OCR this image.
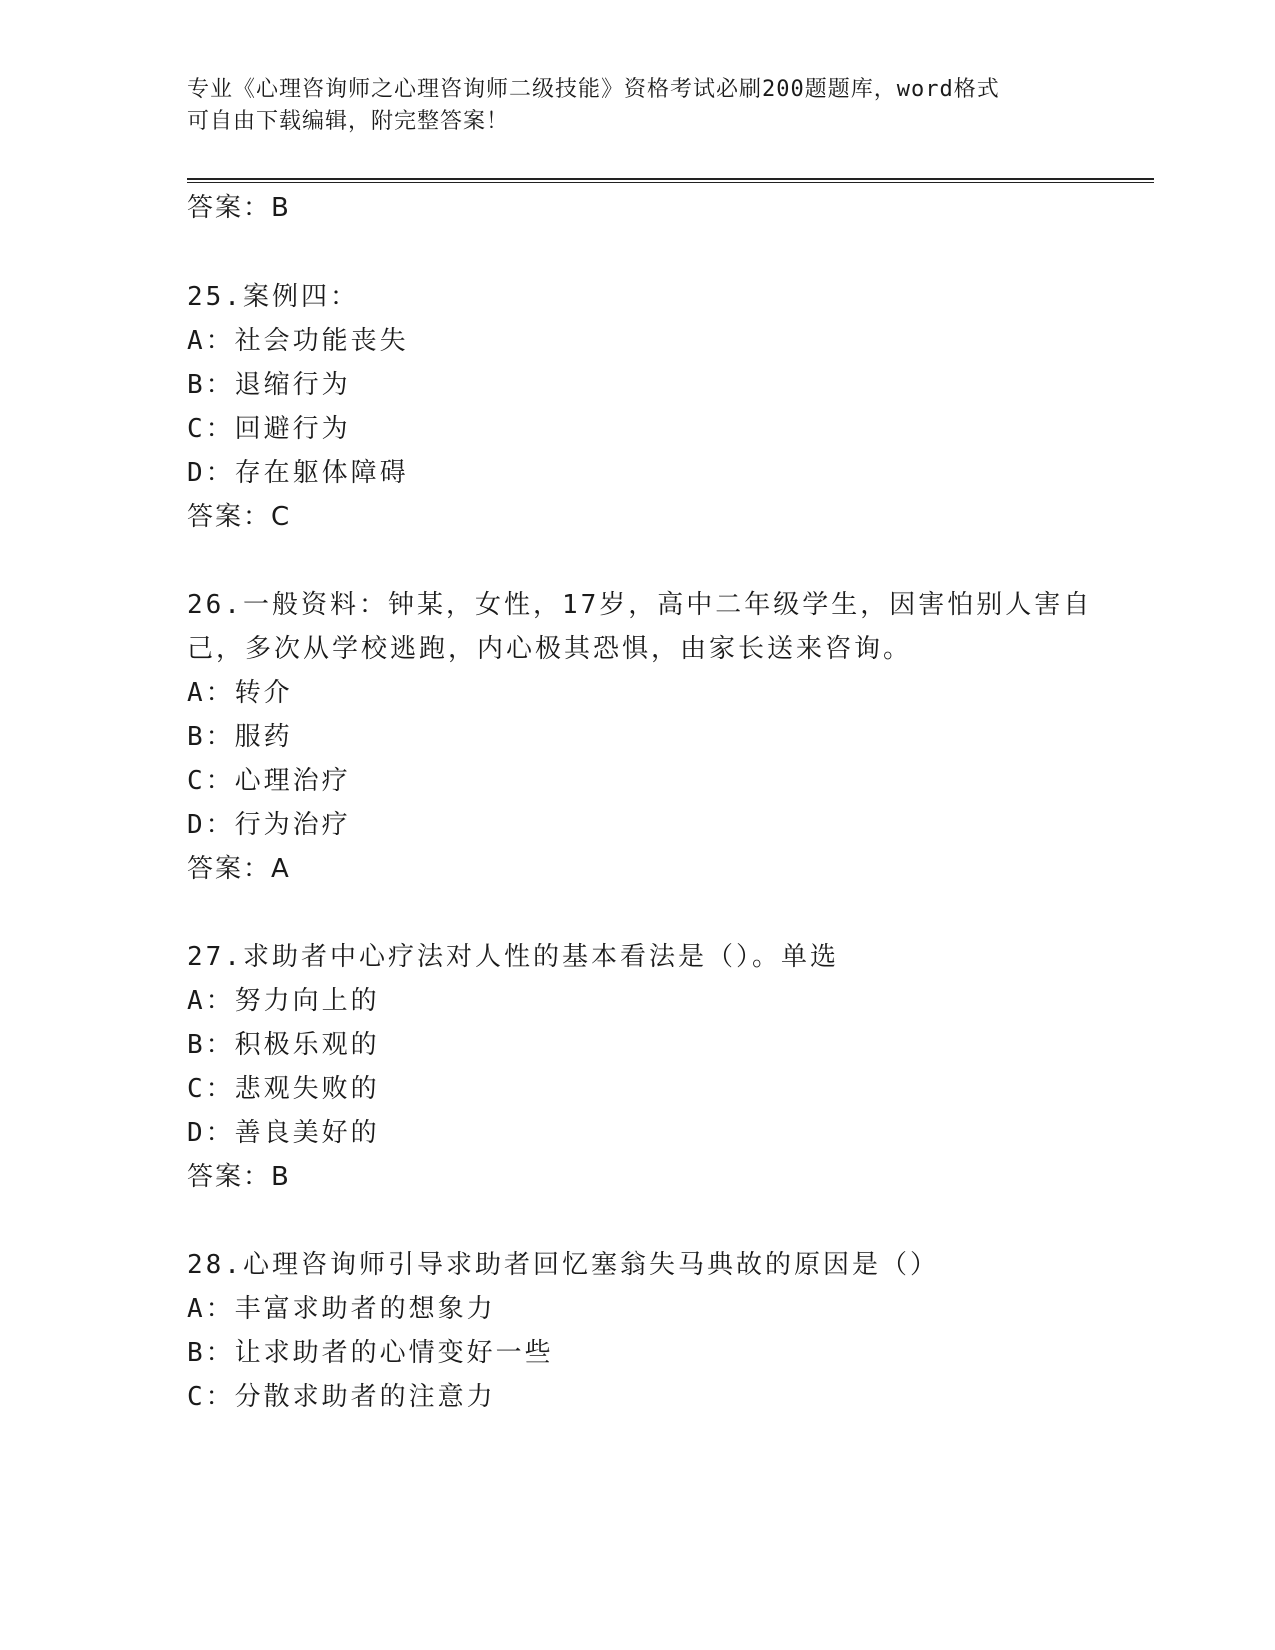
专业《心理咨询师之心理咨询师二级技能》资格考试必刷200题题库，word格式
可自由下载编辑，附完整答案！
答案：B
25.案例四：
A：社会功能丧失
B：退缩行为
C：回避行为
D：存在躯体障碍
答案：C
26.一般资料：钟某，女性，17岁，高中二年级学生，因害怕别人害自
己，多次从学校逃跑，内心极其恐惧，由家长送来咨询。
A：转介
B：服药
C：心理治疗
D：行为治疗
答案：A
27.求助者中心疗法对人性的基本看法是（）。单选
A：努力向上的
B：积极乐观的
C：悲观失败的
D：善良美好的
答案：B
28.心理咨询师引导求助者回忆塞翁失马典故的原因是（）
A：丰富求助者的想象力
B：让求助者的心情变好一些
C：分散求助者的注意力
